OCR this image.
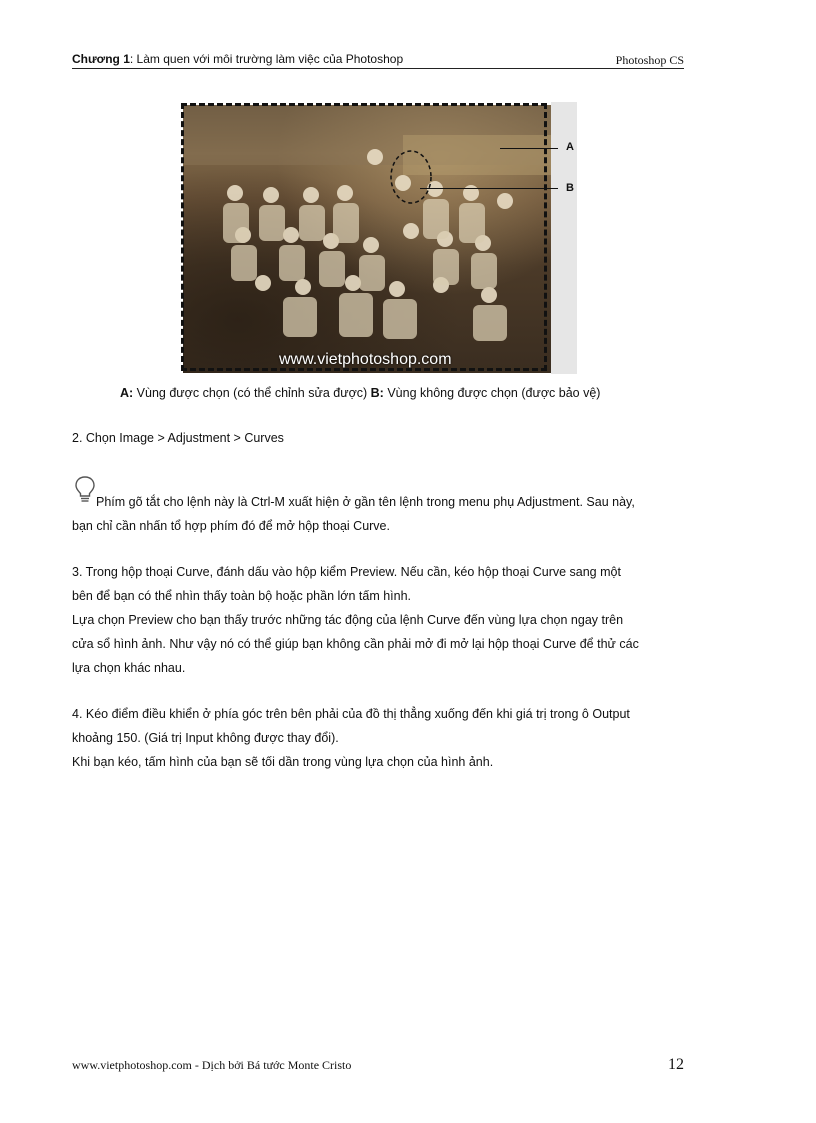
Chương 1: Làm quen với môi trường làm việc của Photoshop	Photoshop CS
www.vietphotoshop.com
A
B
A: Vùng được chọn (có thể chỉnh sửa được) B: Vùng không được chọn (được bảo vệ)
2. Chọn Image > Adjustment > Curves
Phím gõ tắt cho lệnh này là Ctrl-M xuất hiện ở gần tên lệnh trong menu phụ Adjustment. Sau này,
bạn chỉ cần nhấn tổ hợp phím đó để mở hộp thoại Curve.
3. Trong hộp thoại Curve, đánh dấu vào hộp kiểm Preview. Nếu cần, kéo hộp thoại Curve sang một
bên để bạn có thể nhìn thấy toàn bộ hoặc phần lớn tấm hình.
Lựa chọn Preview cho bạn thấy trước những tác động của lệnh Curve đến vùng lựa chọn ngay trên
cửa sổ hình ảnh. Như vậy nó có thể giúp bạn không cần phải mở đi mở lại hộp thoại Curve để thử các
lựa chọn khác nhau.
4. Kéo điểm điều khiển ở phía góc trên bên phải của đồ thị thẳng xuống đến khi giá trị trong ô Output
khoảng 150. (Giá trị Input không được thay đổi).
Khi bạn kéo, tấm hình của bạn sẽ tối dần trong vùng lựa chọn của hình ảnh.
www.vietphotoshop.com - Dịch bởi Bá tước Monte Cristo	12
